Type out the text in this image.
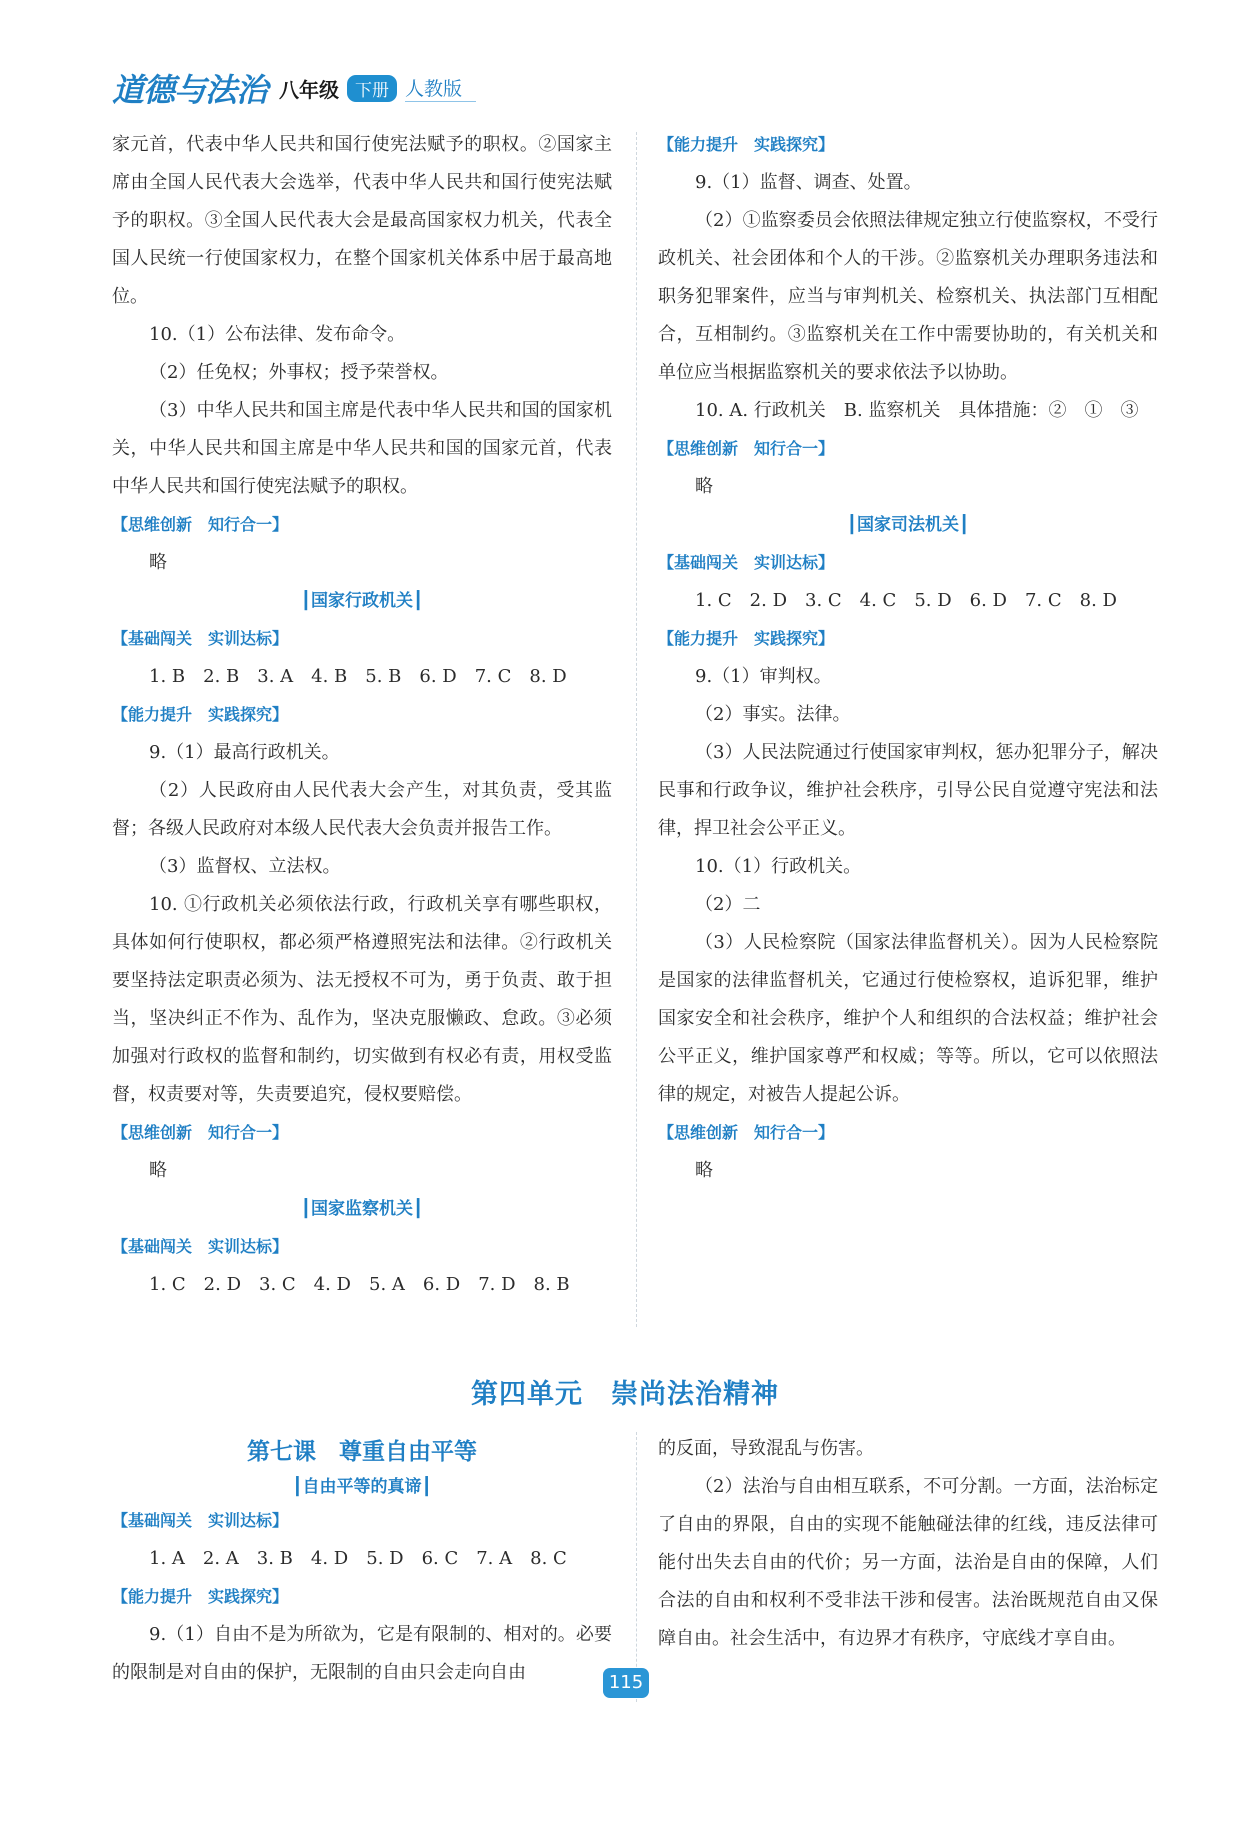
道德与法治 八年级 下册 人教版

家元首，代表中华人民共和国行使宪法赋予的职权。②国家主席由全国人民代表大会选举，代表中华人民共和国行使宪法赋予的职权。③全国人民代表大会是最高国家权力机关，代表全国人民统一行使国家权力，在整个国家机关体系中居于最高地位。

10.（1）公布法律、发布命令。

（2）任免权；外事权；授予荣誉权。

（3）中华人民共和国主席是代表中华人民共和国的国家机关，中华人民共和国主席是中华人民共和国的国家元首，代表中华人民共和国行使宪法赋予的职权。

【思维创新　知行合一】

略

┃国家行政机关┃

【基础闯关　实训达标】

1. B　2. B　3. A　4. B　5. B　6. D　7. C　8. D

【能力提升　实践探究】

9.（1）最高行政机关。

（2）人民政府由人民代表大会产生，对其负责，受其监督；各级人民政府对本级人民代表大会负责并报告工作。

（3）监督权、立法权。

10. ①行政机关必须依法行政，行政机关享有哪些职权，具体如何行使职权，都必须严格遵照宪法和法律。②行政机关要坚持法定职责必须为、法无授权不可为，勇于负责、敢于担当，坚决纠正不作为、乱作为，坚决克服懒政、怠政。③必须加强对行政权的监督和制约，切实做到有权必有责，用权受监督，权责要对等，失责要追究，侵权要赔偿。

【思维创新　知行合一】

略

┃国家监察机关┃

【基础闯关　实训达标】

1. C　2. D　3. C　4. D　5. A　6. D　7. D　8. B

【能力提升　实践探究】

9.（1）监督、调查、处置。

（2）①监察委员会依照法律规定独立行使监察权，不受行政机关、社会团体和个人的干涉。②监察机关办理职务违法和职务犯罪案件，应当与审判机关、检察机关、执法部门互相配合，互相制约。③监察机关在工作中需要协助的，有关机关和单位应当根据监察机关的要求依法予以协助。

10. A. 行政机关　B. 监察机关　具体措施：②　①　③

【思维创新　知行合一】

略

┃国家司法机关┃

【基础闯关　实训达标】

1. C　2. D　3. C　4. C　5. D　6. D　7. C　8. D

【能力提升　实践探究】

9.（1）审判权。

（2）事实。法律。

（3）人民法院通过行使国家审判权，惩办犯罪分子，解决民事和行政争议，维护社会秩序，引导公民自觉遵守宪法和法律，捍卫社会公平正义。

10.（1）行政机关。

（2）二

（3）人民检察院（国家法律监督机关）。因为人民检察院是国家的法律监督机关，它通过行使检察权，追诉犯罪，维护国家安全和社会秩序，维护个人和组织的合法权益；维护社会公平正义，维护国家尊严和权威；等等。所以，它可以依照法律的规定，对被告人提起公诉。

【思维创新　知行合一】

略

第四单元　崇尚法治精神

第七课　尊重自由平等

┃自由平等的真谛┃

【基础闯关　实训达标】

1. A　2. A　3. B　4. D　5. D　6. C　7. A　8. C

【能力提升　实践探究】

9.（1）自由不是为所欲为，它是有限制的、相对的。必要的限制是对自由的保护，无限制的自由只会走向自由

的反面，导致混乱与伤害。

（2）法治与自由相互联系，不可分割。一方面，法治标定了自由的界限，自由的实现不能触碰法律的红线，违反法律可能付出失去自由的代价；另一方面，法治是自由的保障，人们合法的自由和权利不受非法干涉和侵害。法治既规范自由又保障自由。社会生活中，有边界才有秩序，守底线才享自由。

115
